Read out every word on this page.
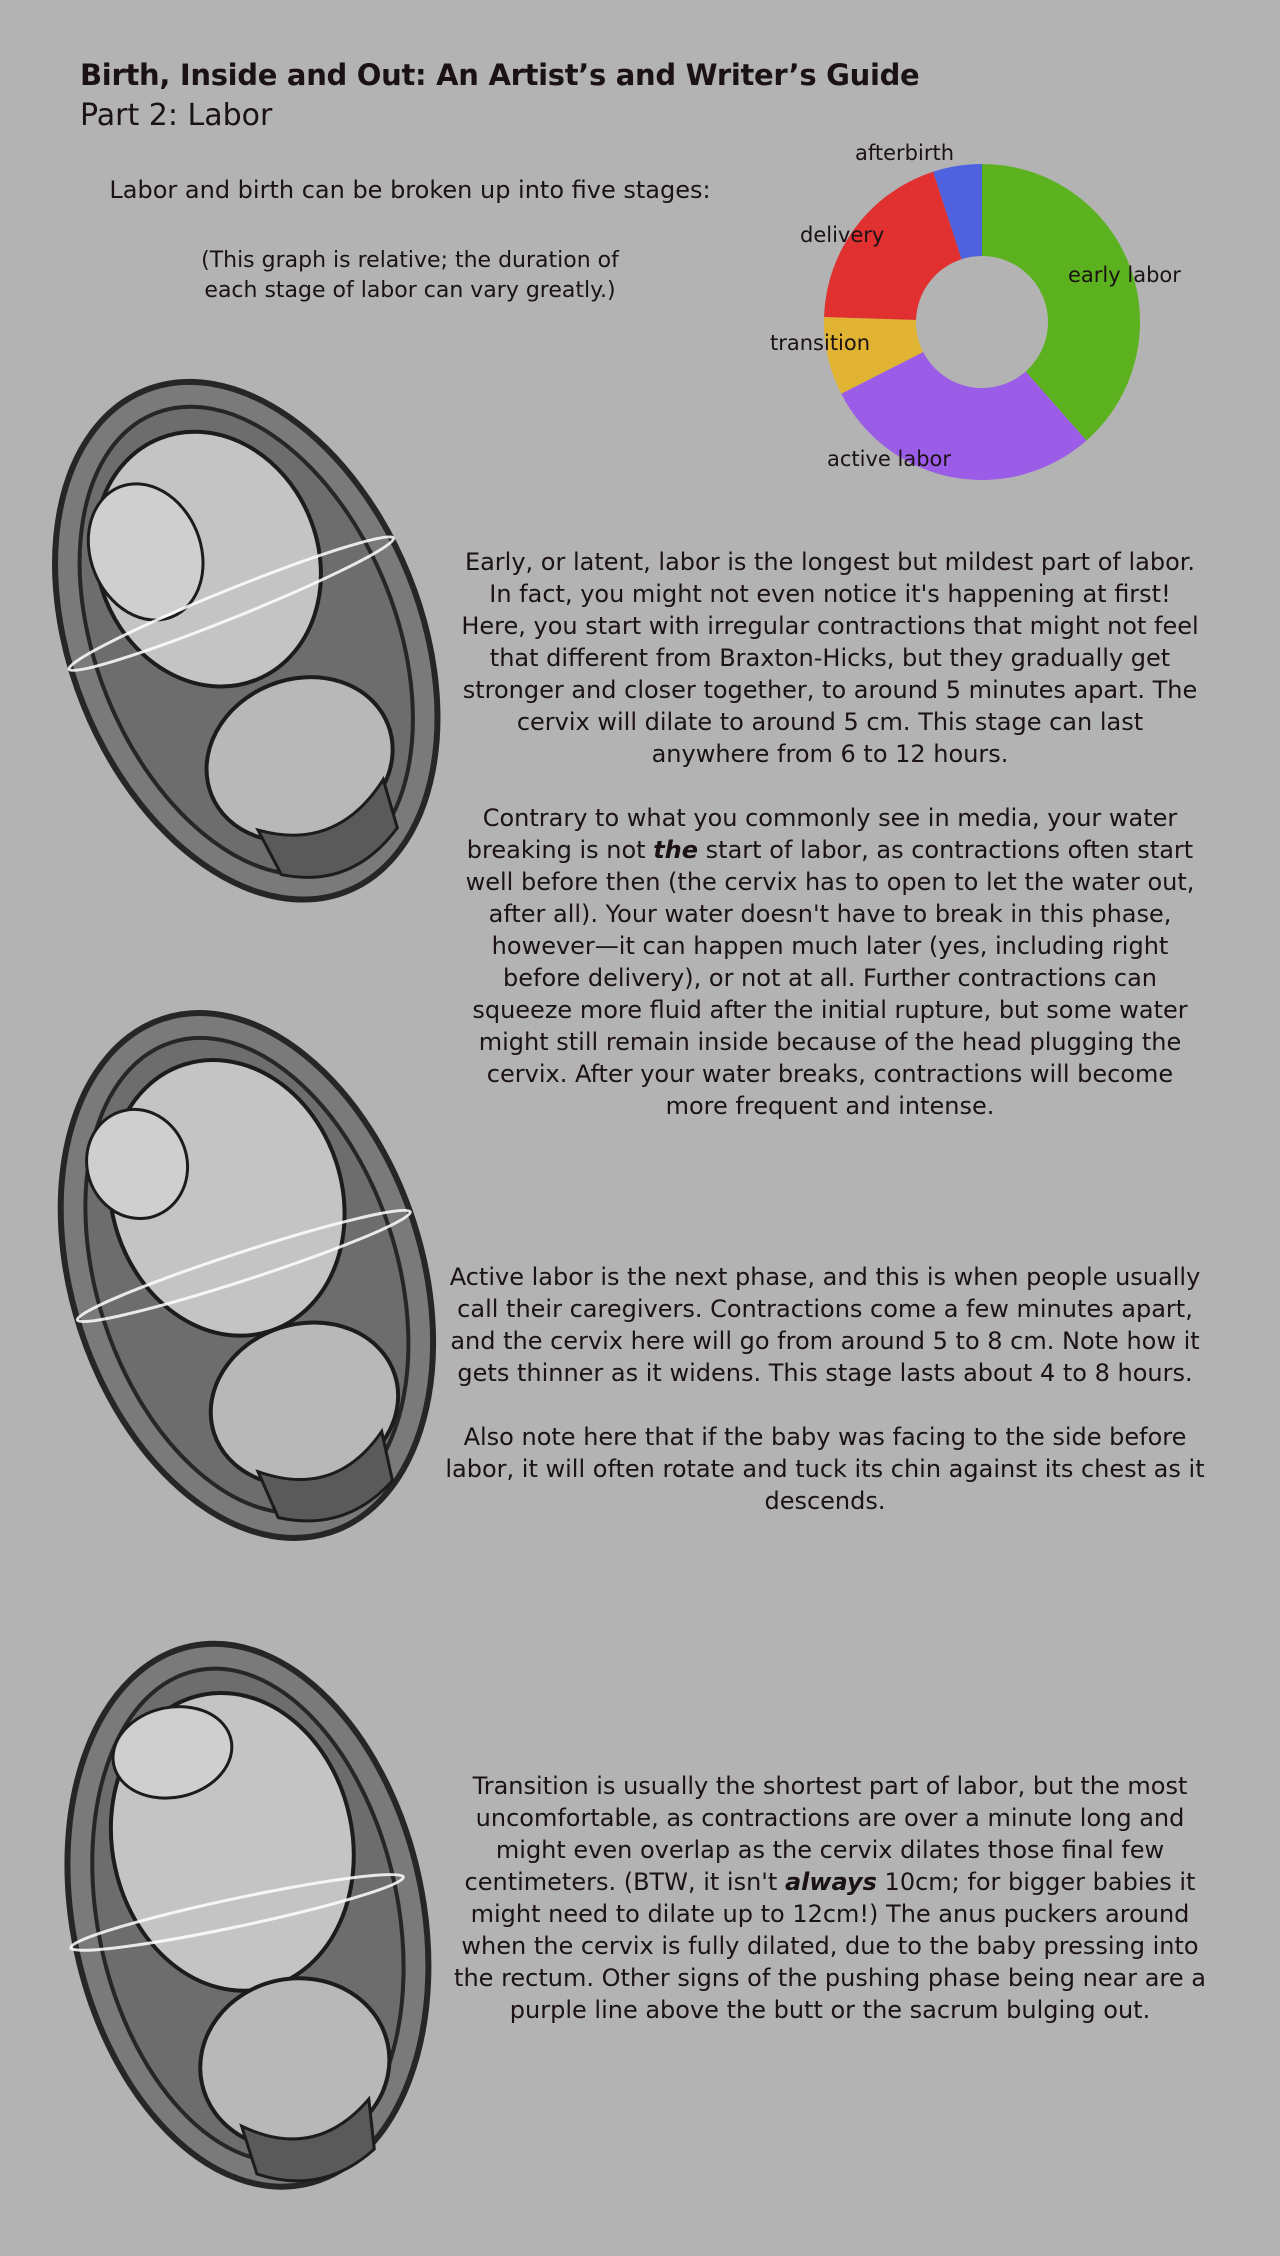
Birth, Inside and Out: An Artist’s and Writer’s Guide
Part 2: Labor
Labor and birth can be broken up into five stages:
(This graph is relative; the duration of
each stage of labor can vary greatly.)
early labor
active labor
transition
delivery
afterbirth

Early, or latent, labor is the longest but mildest part of labor. In fact, you might not even notice it's happening at first! Here, you start with irregular contractions that might not feel that different from Braxton-Hicks, but they gradually get stronger and closer together, to around 5 minutes apart. The cervix will dilate to around 5 cm. This stage can last anywhere from 6 to 12 hours.

Contrary to what you commonly see in media, your water breaking is not the start of labor, as contractions often start well before then (the cervix has to open to let the water out, after all). Your water doesn't have to break in this phase, however—it can happen much later (yes, including right before delivery), or not at all. Further contractions can squeeze more fluid after the initial rupture, but some water might still remain inside because of the head plugging the cervix. After your water breaks, contractions will become more frequent and intense.

Active labor is the next phase, and this is when people usually call their caregivers. Contractions come a few minutes apart, and the cervix here will go from around 5 to 8 cm. Note how it gets thinner as it widens. This stage lasts about 4 to 8 hours.

Also note here that if the baby was facing to the side before labor, it will often rotate and tuck its chin against its chest as it descends.

Transition is usually the shortest part of labor, but the most uncomfortable, as contractions are over a minute long and might even overlap as the cervix dilates those final few centimeters. (BTW, it isn't always 10cm; for bigger babies it might need to dilate up to 12cm!) The anus puckers around when the cervix is fully dilated, due to the baby pressing into the rectum. Other signs of the pushing phase being near are a purple line above the butt or the sacrum bulging out.
